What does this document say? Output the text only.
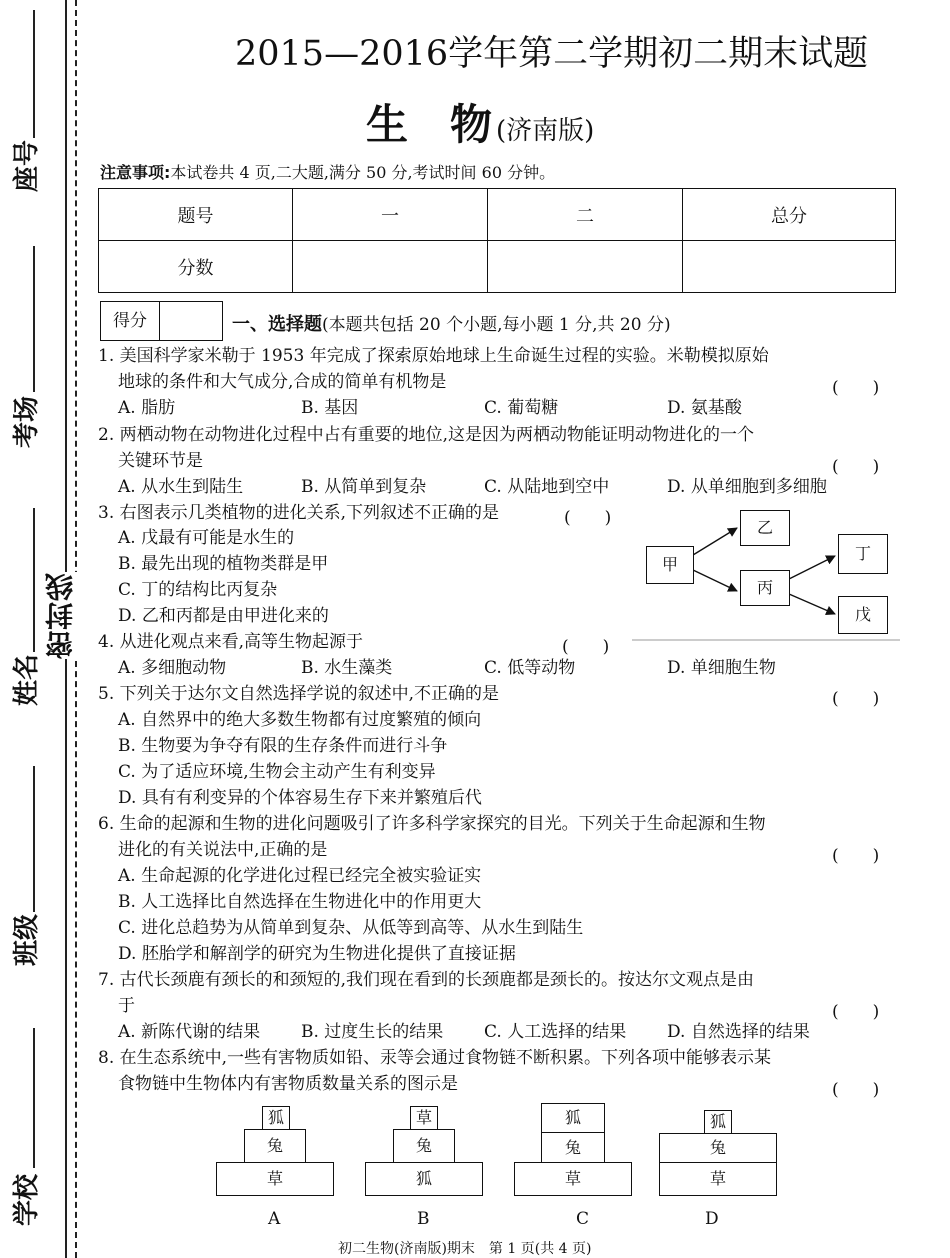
座号
考场
姓名
班级
学校
密封线
2015—2016学年第二学期初二期末试题
生　物 (济南版)
注意事项:本试卷共 4 页,二大题,满分 50 分,考试时间 60 分钟。
题号	一	二	总分
分数			
得分	一、选择题(本题共包括 20 个小题,每小题 1 分,共 20 分)
1. 美国科学家米勒于 1953 年完成了探索原始地球上生命诞生过程的实验。米勒模拟原始
地球的条件和大气成分,合成的简单有机物是	(　　)
A. 脂肪	B. 基因	C. 葡萄糖	D. 氨基酸
2. 两栖动物在动物进化过程中占有重要的地位,这是因为两栖动物能证明动物进化的一个
关键环节是	(　　)
A. 从水生到陆生	B. 从简单到复杂	C. 从陆地到空中	D. 从单细胞到多细胞
3. 右图表示几类植物的进化关系,下列叙述不正确的是	(　　)
A. 戊最有可能是水生的
B. 最先出现的植物类群是甲
C. 丁的结构比丙复杂
D. 乙和丙都是由甲进化来的
甲
乙
丙
丁
戊
4. 从进化观点来看,高等生物起源于	(　　)
A. 多细胞动物	B. 水生藻类	C. 低等动物	D. 单细胞生物
5. 下列关于达尔文自然选择学说的叙述中,不正确的是	(　　)
A. 自然界中的绝大多数生物都有过度繁殖的倾向
B. 生物要为争夺有限的生存条件而进行斗争
C. 为了适应环境,生物会主动产生有利变异
D. 具有有利变异的个体容易生存下来并繁殖后代
6. 生命的起源和生物的进化问题吸引了许多科学家探究的目光。下列关于生命起源和生物
进化的有关说法中,正确的是	(　　)
A. 生命起源的化学进化过程已经完全被实验证实
B. 人工选择比自然选择在生物进化中的作用更大
C. 进化总趋势为从简单到复杂、从低等到高等、从水生到陆生
D. 胚胎学和解剖学的研究为生物进化提供了直接证据
7. 古代长颈鹿有颈长的和颈短的,我们现在看到的长颈鹿都是颈长的。按达尔文观点是由
于	(　　)
A. 新陈代谢的结果 B. 过度生长的结果 C. 人工选择的结果 D. 自然选择的结果
8. 在生态系统中,一些有害物质如铅、汞等会通过食物链不断积累。下列各项中能够表示某
食物链中生物体内有害物质数量关系的图示是	(　　)
狐
兔
草
A
草
兔
狐
B
狐
兔
草
C
狐
兔
草
D
初二生物(济南版)期末　第 1 页(共 4 页)
